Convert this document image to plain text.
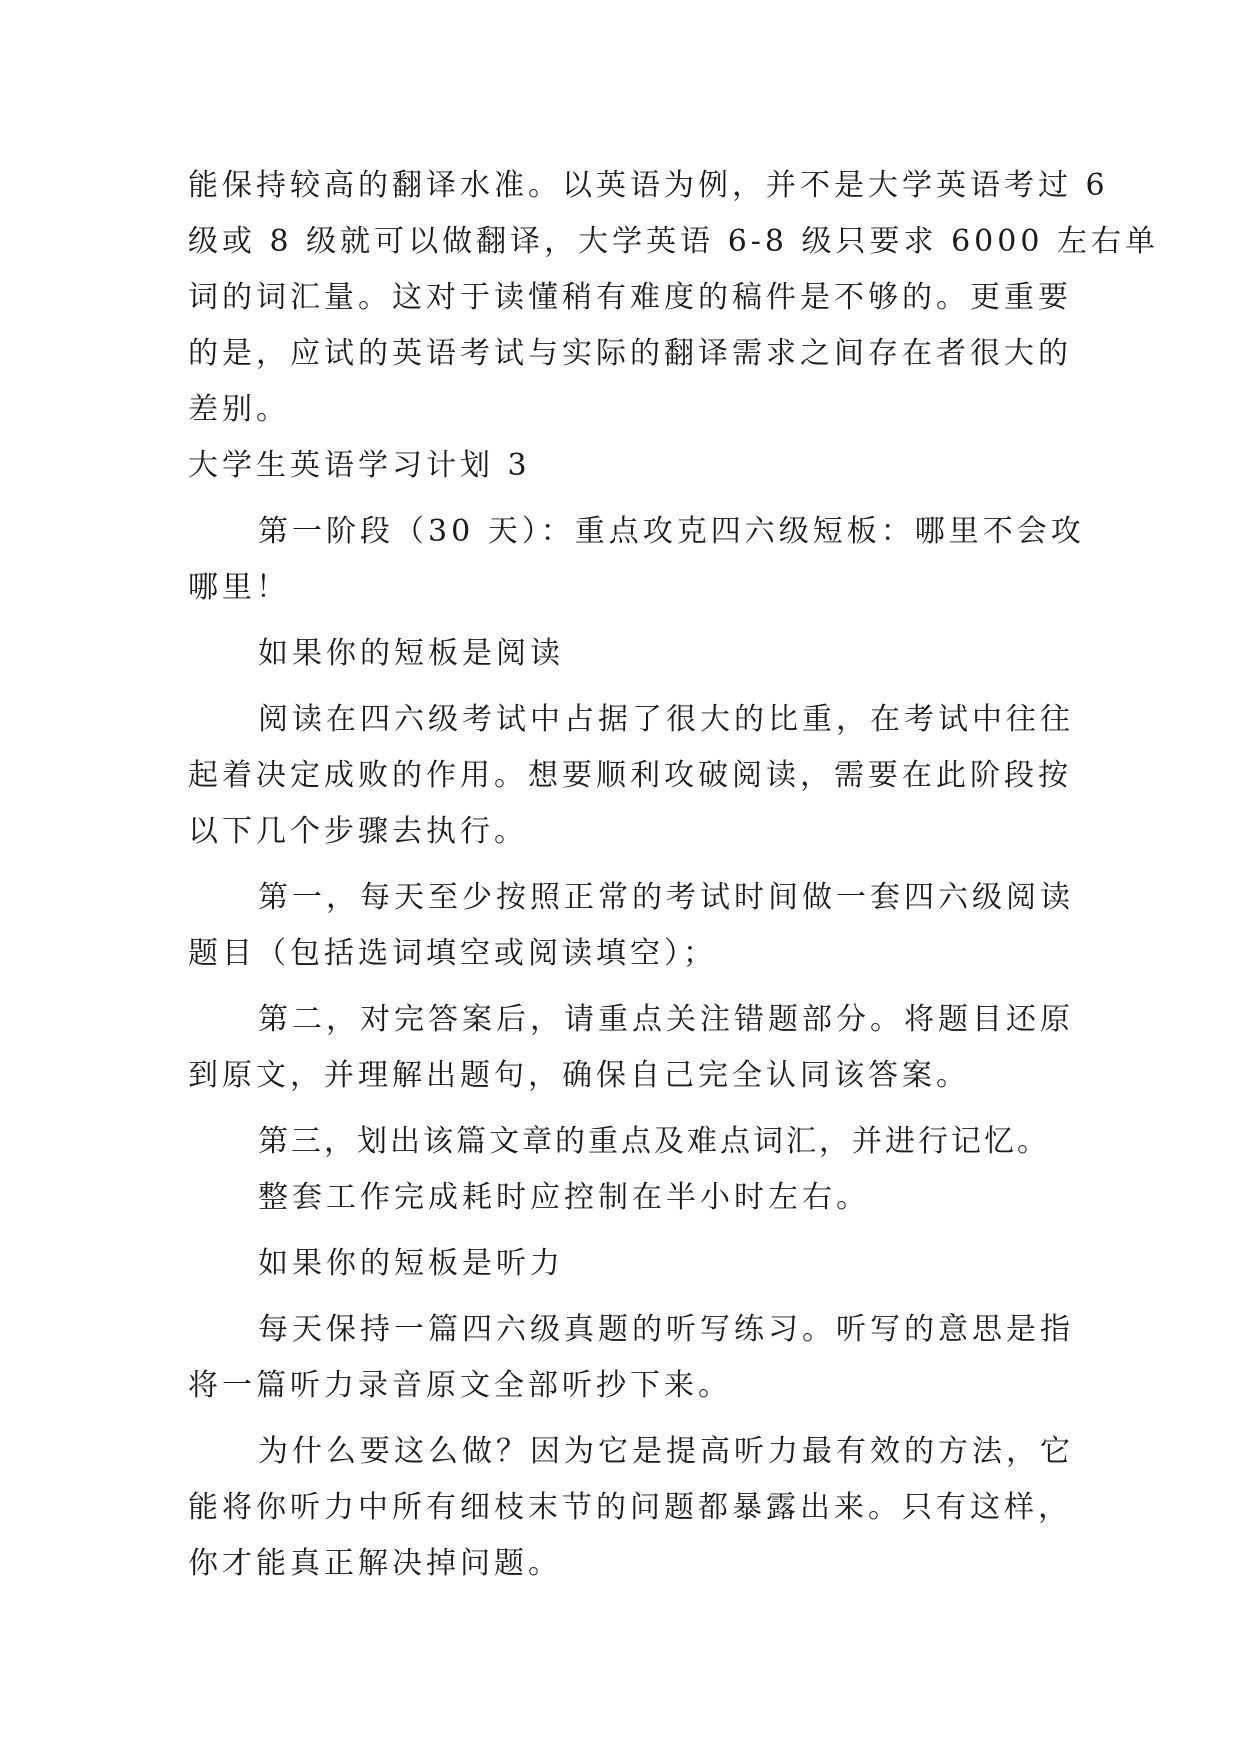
能保持较高的翻译水准。以英语为例，并不是大学英语考过 6

级或 8 级就可以做翻译，大学英语 6-8 级只要求 6000 左右单

词的词汇量。这对于读懂稍有难度的稿件是不够的。更重要

的是，应试的英语考试与实际的翻译需求之间存在者很大的

差别。

大学生英语学习计划 3

第一阶段（30 天）：重点攻克四六级短板：哪里不会攻

哪里！

如果你的短板是阅读

阅读在四六级考试中占据了很大的比重，在考试中往往

起着决定成败的作用。想要顺利攻破阅读，需要在此阶段按

以下几个步骤去执行。

第一，每天至少按照正常的考试时间做一套四六级阅读

题目（包括选词填空或阅读填空）；

第二，对完答案后，请重点关注错题部分。将题目还原

到原文，并理解出题句，确保自己完全认同该答案。

第三，划出该篇文章的重点及难点词汇，并进行记忆。

整套工作完成耗时应控制在半小时左右。

如果你的短板是听力

每天保持一篇四六级真题的听写练习。听写的意思是指

将一篇听力录音原文全部听抄下来。

为什么要这么做？因为它是提高听力最有效的方法，它

能将你听力中所有细枝末节的问题都暴露出来。只有这样，

你才能真正解决掉问题。
